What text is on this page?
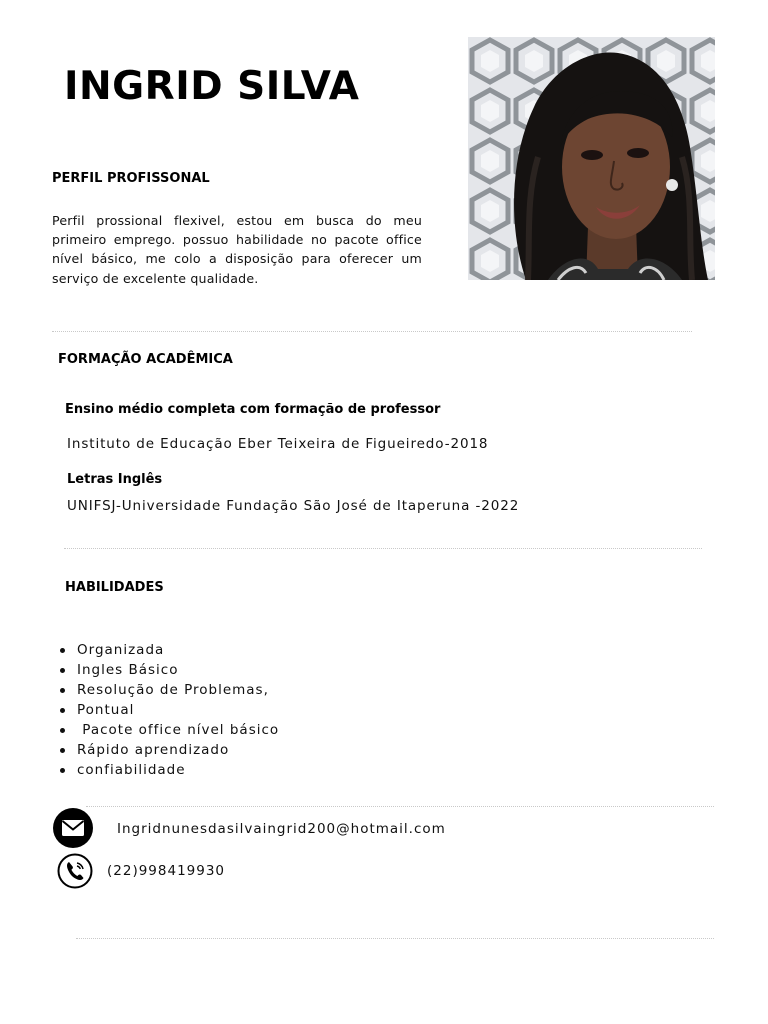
INGRID SILVA
PERFIL PROFISSONAL

Perfil prossional flexivel, estou em busca do meu primeiro emprego. possuo habilidade no pacote office nível básico, me colo a disposição para oferecer um serviço de excelente qualidade.

FORMAÇÃO ACADÊMICA

Ensino médio completa com formação de professor

Instituto de Educação Eber Teixeira de Figueiredo-2018

Letras Inglês

UNIFSJ-Universidade Fundação São José de Itaperuna -2022

HABILIDADES
Organizada
Ingles Básico
Resolução de Problemas,
Pontual
Pacote office nível básico
Rápido aprendizado
confiabilidade
Ingridnunesdasilvaingrid200@hotmail.com
(22)998419930
